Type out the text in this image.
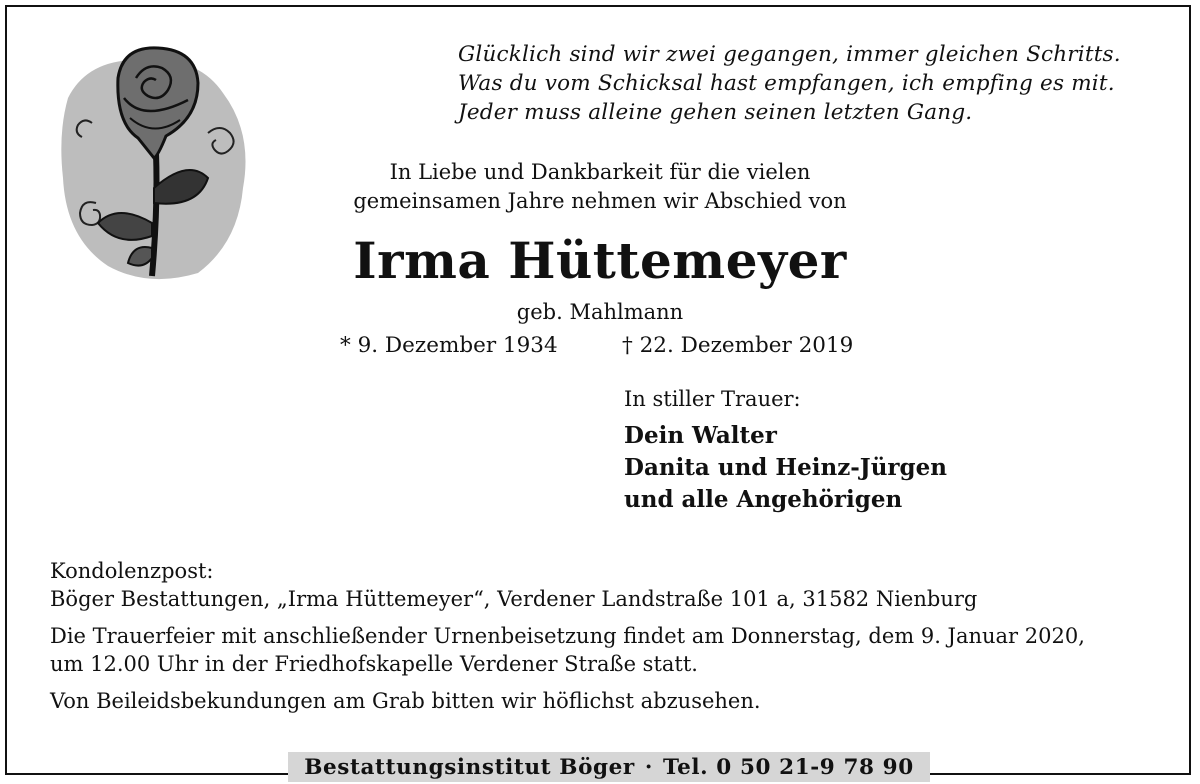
Glücklich sind wir zwei gegangen, immer gleichen Schritts.
Was du vom Schicksal hast empfangen, ich empfing es mit.
Jeder muss alleine gehen seinen letzten Gang.
In Liebe und Dankbarkeit für die vielen
gemeinsamen Jahre nehmen wir Abschied von
Irma Hüttemeyer
geb. Mahlmann
* 9. Dezember 1934	† 22. Dezember 2019
In stiller Trauer:
Dein Walter
Danita und Heinz-Jürgen
und alle Angehörigen

Kondolenzpost:

Böger Bestattungen, „Irma Hüttemeyer“, Verdener Landstraße 101 a, 31582 Nienburg

Die Trauerfeier mit anschließender Urnenbeisetzung findet am Donnerstag, dem 9. Januar 2020,

um 12.00 Uhr in der Friedhofskapelle Verdener Straße statt.

Von Beileidsbekundungen am Grab bitten wir höflichst abzusehen.

Bestattungsinstitut Böger · Tel. 0 50 21-9 78 90
